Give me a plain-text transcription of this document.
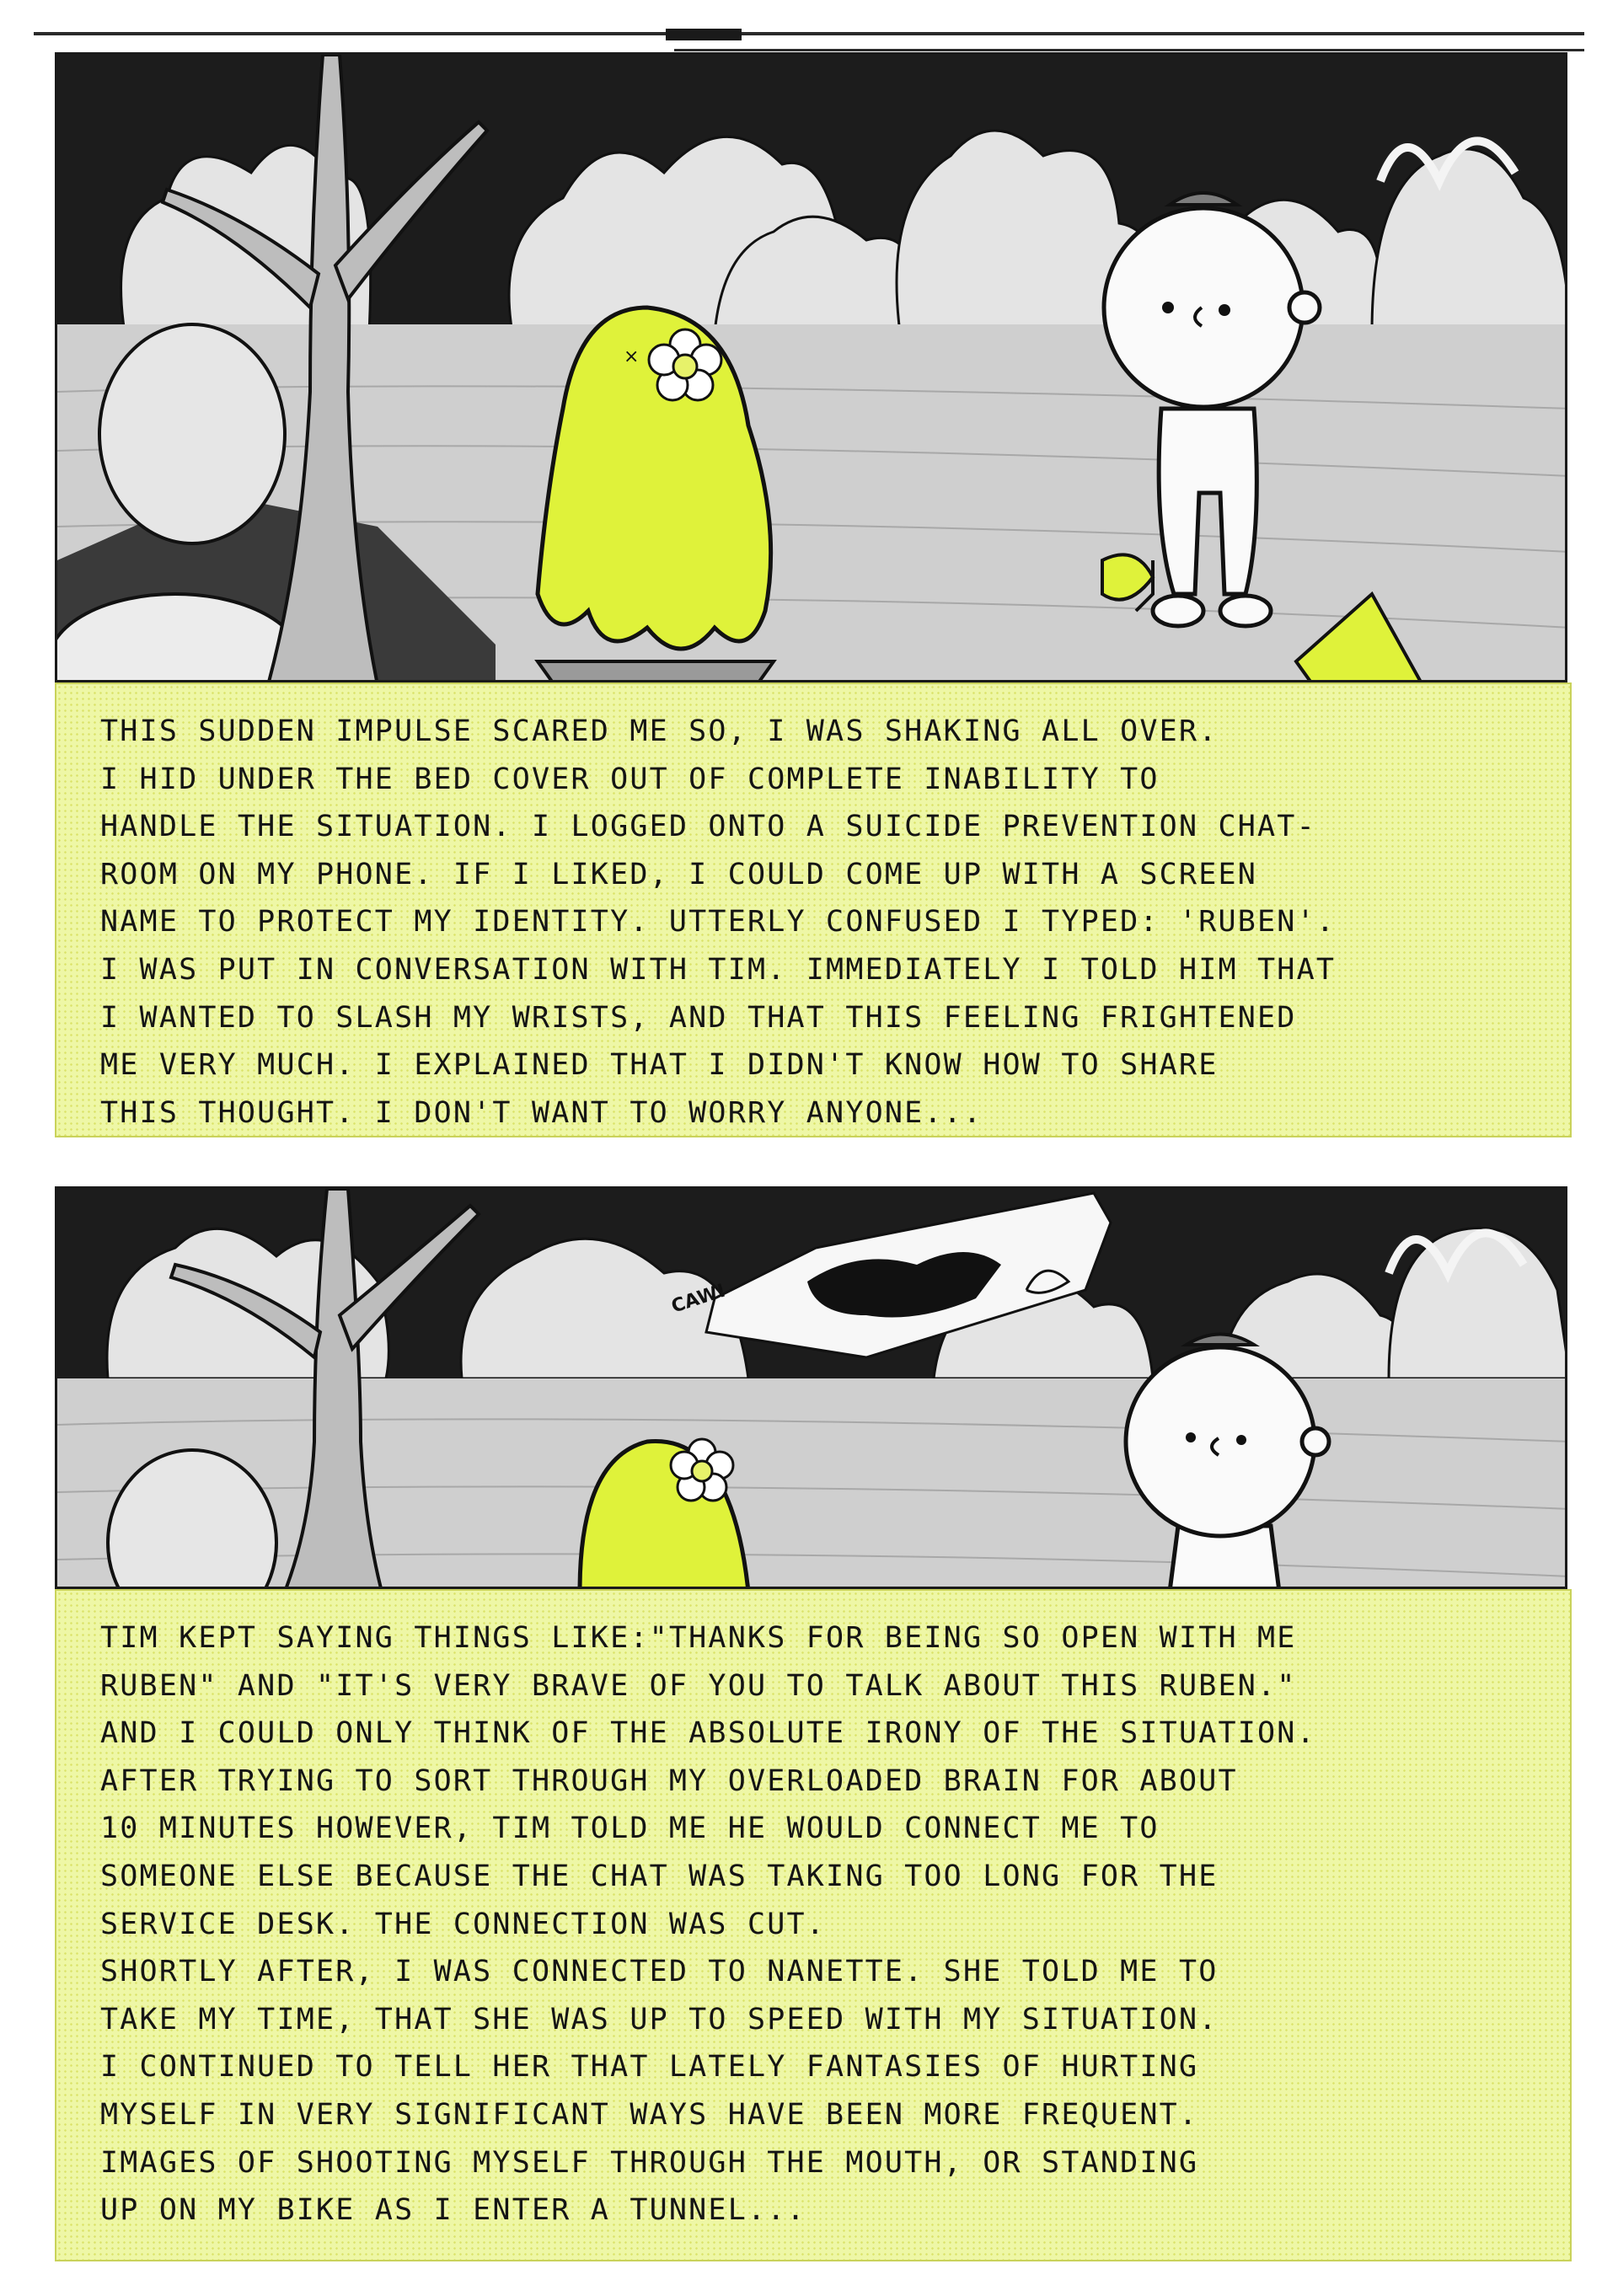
×

THIS SUDDEN IMPULSE SCARED ME SO, I WAS SHAKING ALL OVER.
I HID UNDER THE BED COVER OUT OF COMPLETE INABILITY TO
HANDLE THE SITUATION. I LOGGED ONTO A SUICIDE PREVENTION CHAT-
ROOM ON MY PHONE. IF I LIKED, I COULD COME UP WITH A SCREEN
NAME TO PROTECT MY IDENTITY. UTTERLY CONFUSED I TYPED: 'RUBEN'.
I WAS PUT IN CONVERSATION WITH TIM. IMMEDIATELY I TOLD HIM THAT
I WANTED TO SLASH MY WRISTS, AND THAT THIS FEELING FRIGHTENED
ME VERY MUCH. I EXPLAINED THAT I DIDN'T KNOW HOW TO SHARE
THIS THOUGHT. I DON'T WANT TO WORRY ANYONE...

CAW!

TIM KEPT SAYING THINGS LIKE:"THANKS FOR BEING SO OPEN WITH ME
RUBEN" AND "IT'S VERY BRAVE OF YOU TO TALK ABOUT THIS RUBEN."
AND I COULD ONLY THINK OF THE ABSOLUTE IRONY OF THE SITUATION.
AFTER TRYING TO SORT THROUGH MY OVERLOADED BRAIN FOR ABOUT
10 MINUTES HOWEVER, TIM TOLD ME HE WOULD CONNECT ME TO
SOMEONE ELSE BECAUSE THE CHAT WAS TAKING TOO LONG FOR THE
SERVICE DESK. THE CONNECTION WAS CUT.
SHORTLY AFTER, I WAS CONNECTED TO NANETTE. SHE TOLD ME TO
TAKE MY TIME, THAT SHE WAS UP TO SPEED WITH MY SITUATION.
I CONTINUED TO TELL HER THAT LATELY FANTASIES OF HURTING
MYSELF IN VERY SIGNIFICANT WAYS HAVE BEEN MORE FREQUENT.
IMAGES OF SHOOTING MYSELF THROUGH THE MOUTH, OR STANDING
UP ON MY BIKE AS I ENTER A TUNNEL...
